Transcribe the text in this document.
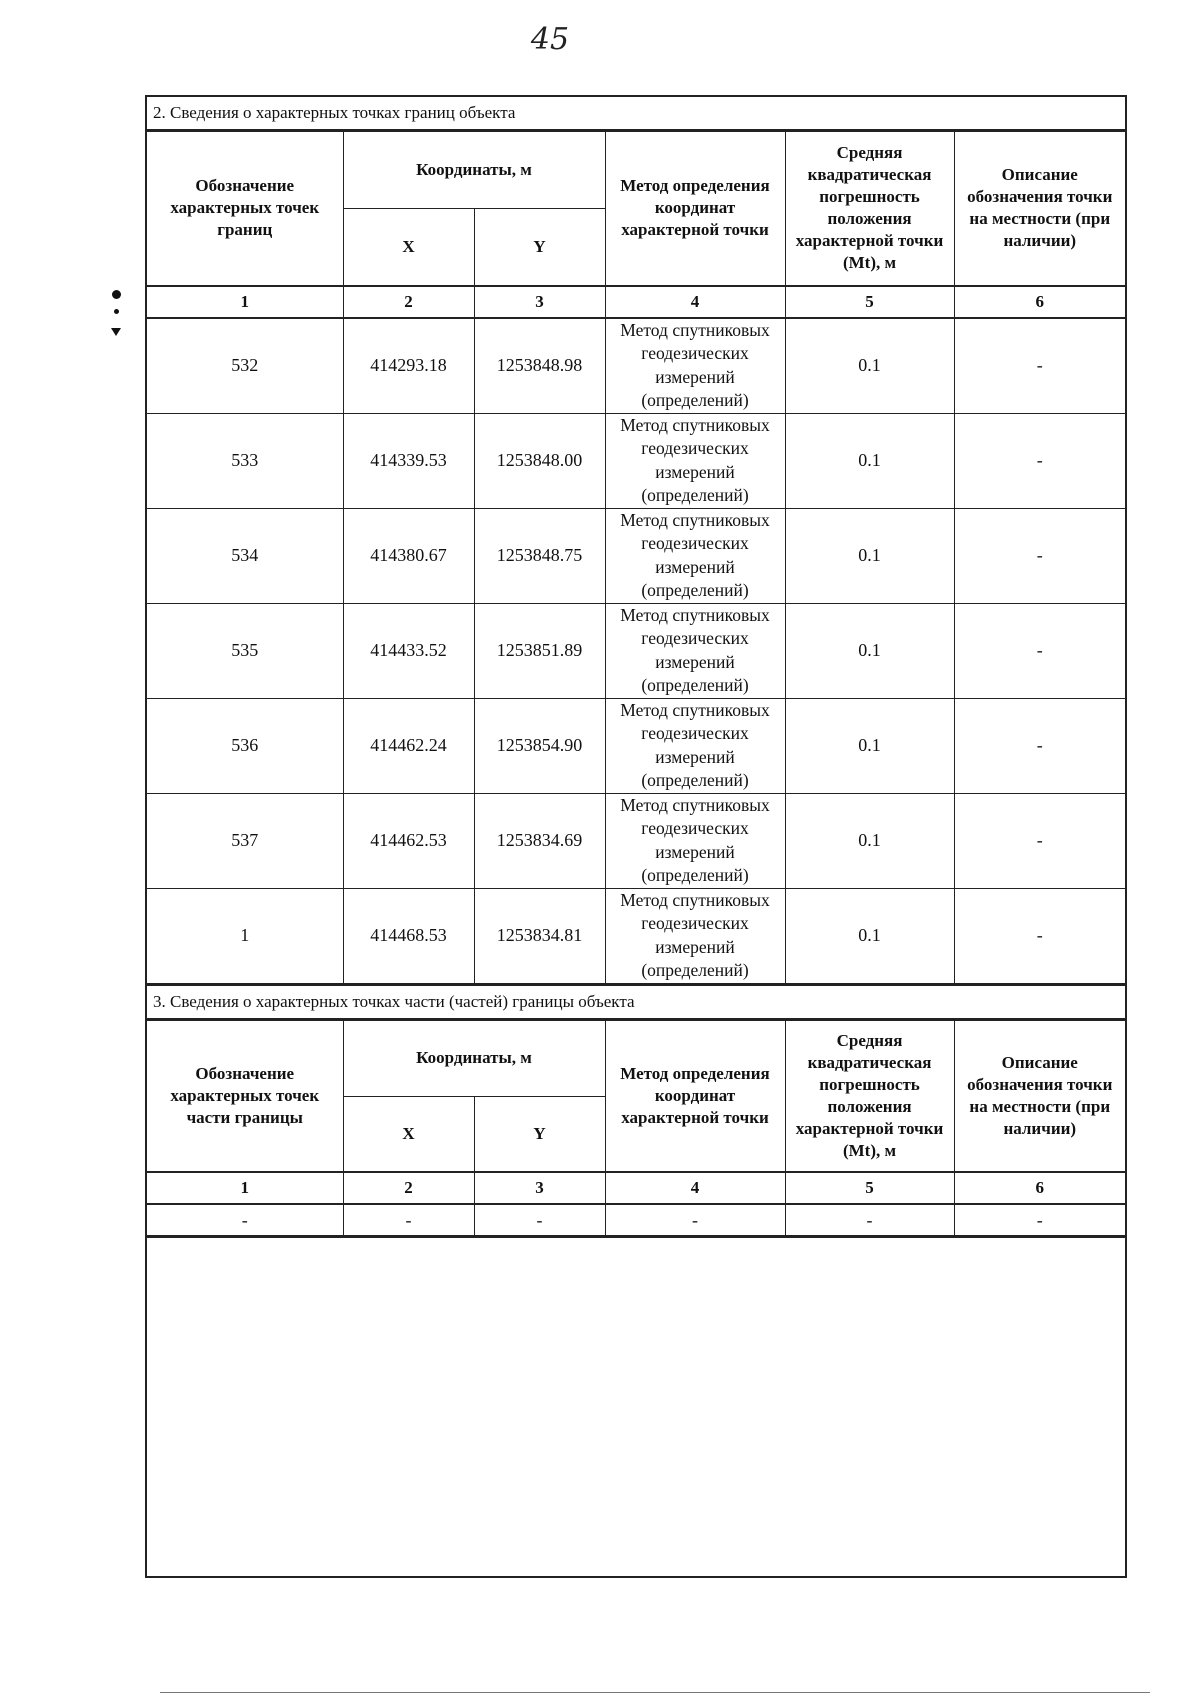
45
2. Сведения о характерных точках границ объекта
Обозначение характерных точек границ	Координаты, м		Метод определения координат характерной точки	Средняя квадратическая погрешность положения характерной точки (Mt), м	Описание обозначения точки на местности (при наличии)
	X	Y			
1	2	3	4	5	6
532	414293.18	1253848.98	Метод спутниковых геодезических измерений (определений)	0.1	-
533	414339.53	1253848.00	Метод спутниковых геодезических измерений (определений)	0.1	-
534	414380.67	1253848.75	Метод спутниковых геодезических измерений (определений)	0.1	-
535	414433.52	1253851.89	Метод спутниковых геодезических измерений (определений)	0.1	-
536	414462.24	1253854.90	Метод спутниковых геодезических измерений (определений)	0.1	-
537	414462.53	1253834.69	Метод спутниковых геодезических измерений (определений)	0.1	-
1	414468.53	1253834.81	Метод спутниковых геодезических измерений (определений)	0.1	-
3. Сведения о характерных точках части (частей) границы объекта
Обозначение характерных точек части границы	Координаты, м		Метод определения координат характерной точки	Средняя квадратическая погрешность положения характерной точки (Mt), м	Описание обозначения точки на местности (при наличии)
	X	Y			
1	2	3	4	5	6
-	-	-	-	-	-
